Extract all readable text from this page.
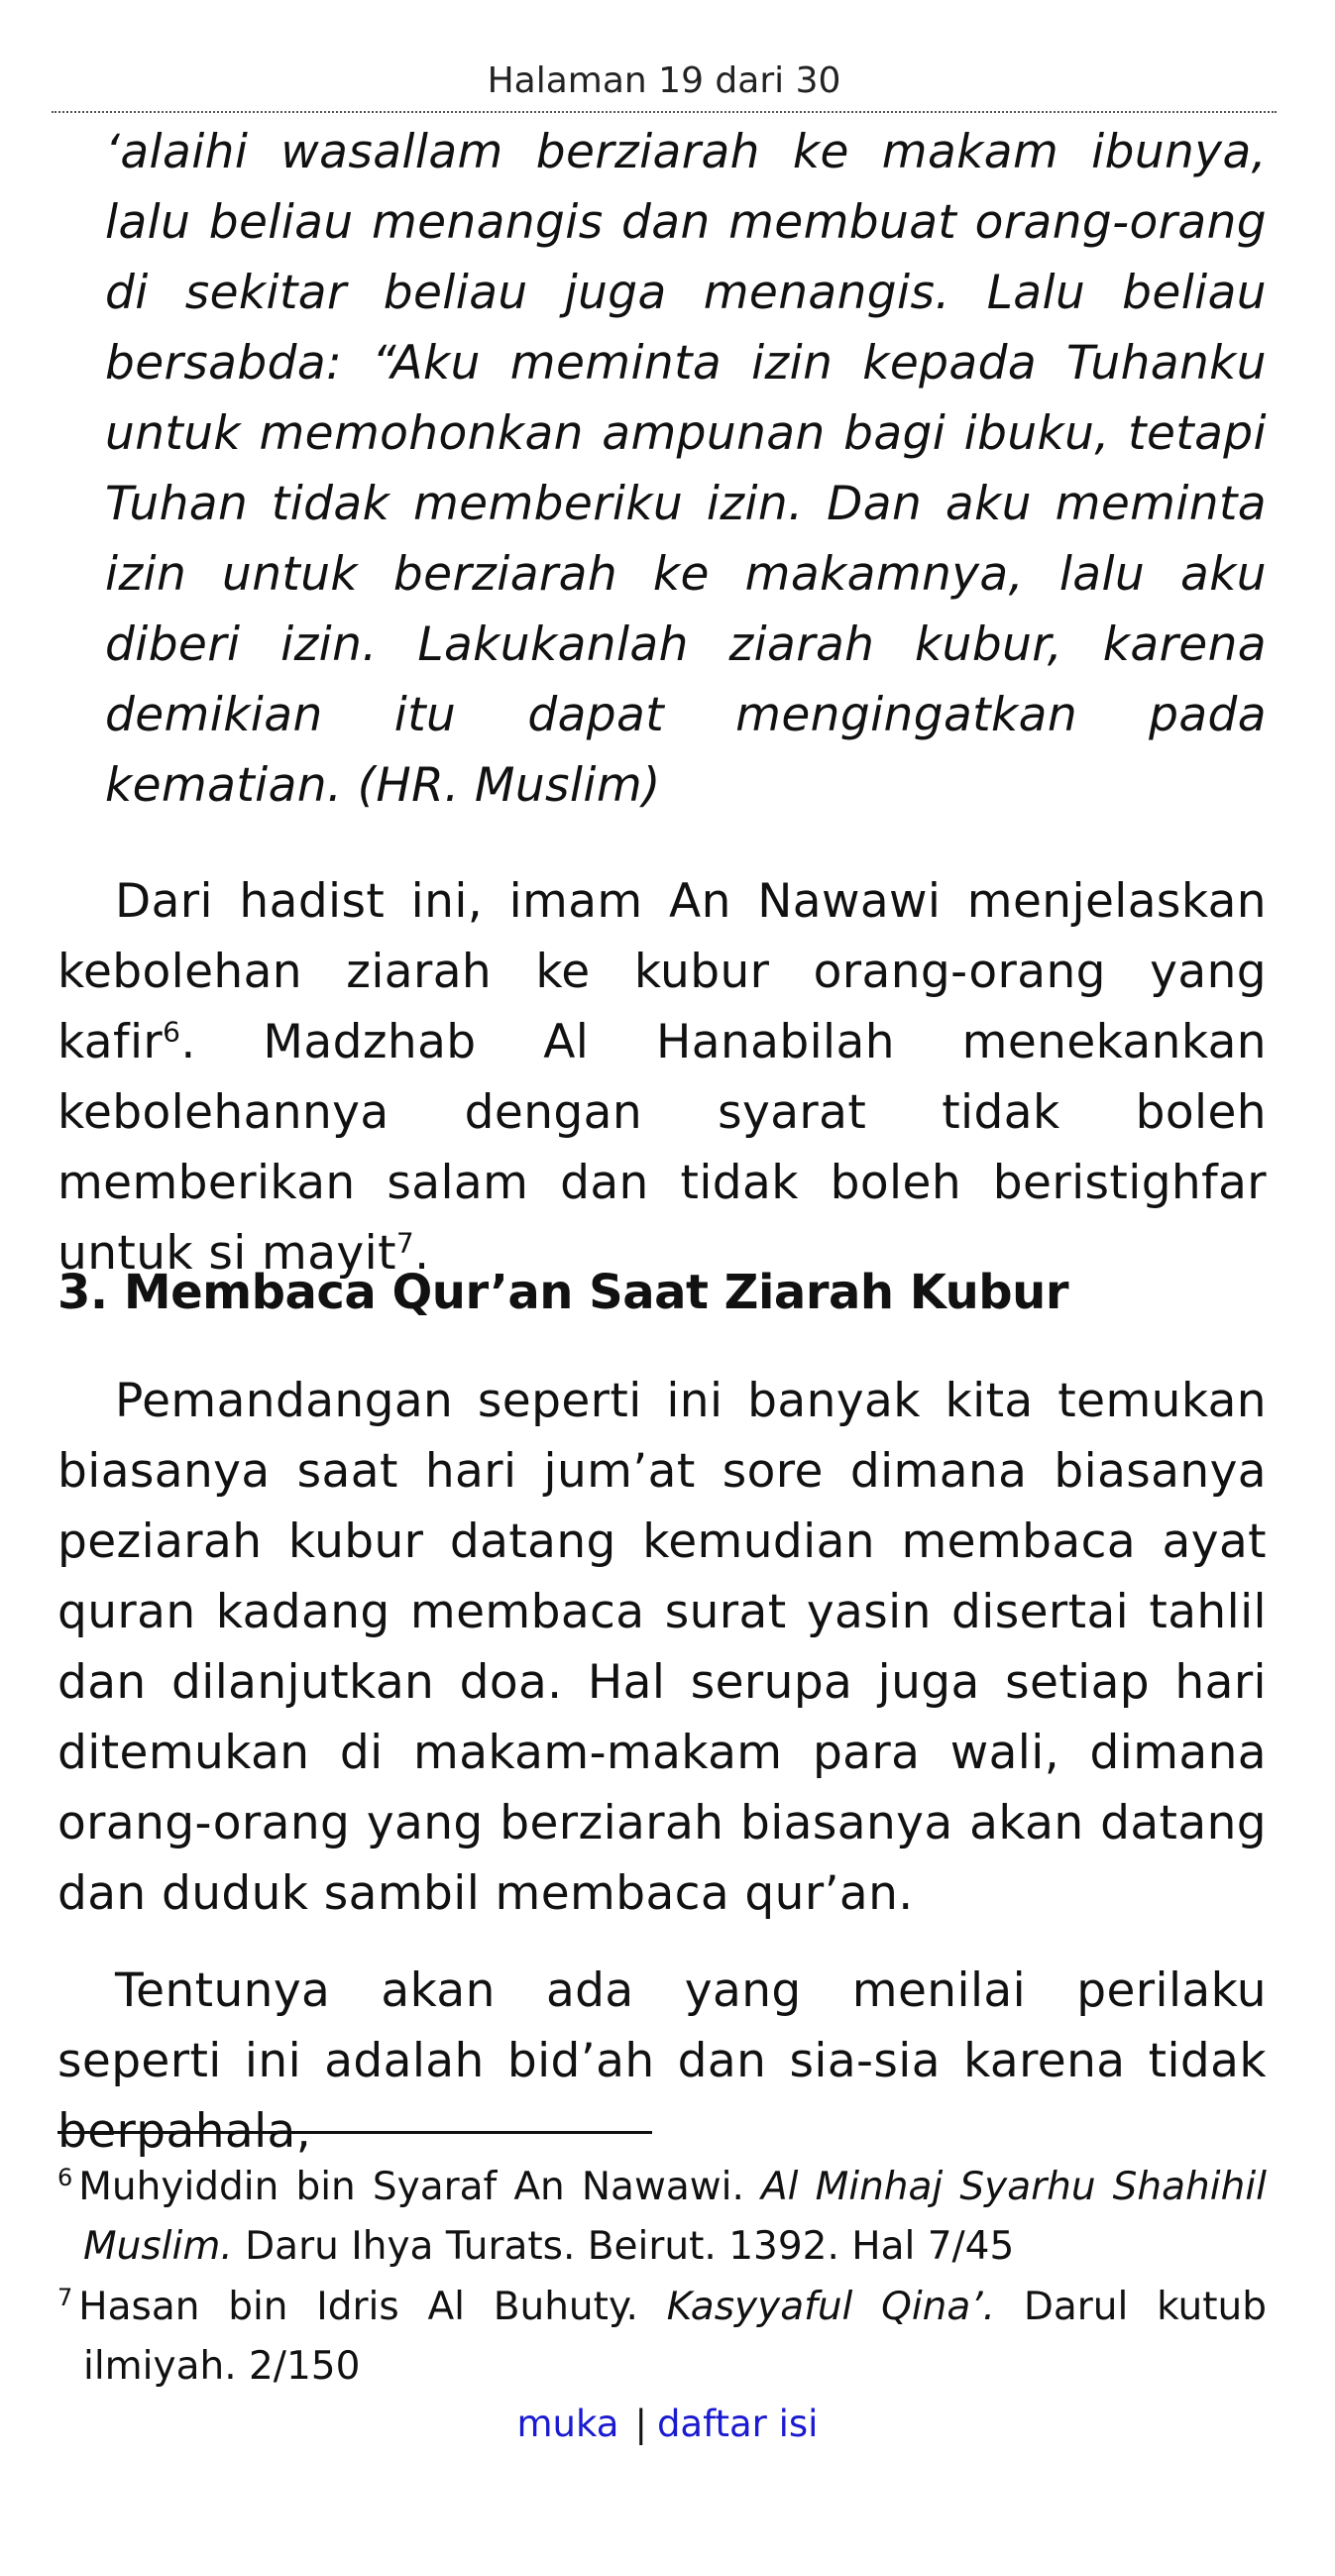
Halaman 19 dari 30
‘alaihi wasallam berziarah ke makam ibunya, lalu beliau menangis dan membuat orang-orang di sekitar beliau juga menangis. Lalu beliau bersabda: “Aku meminta izin kepada Tuhanku untuk memohonkan ampunan bagi ibuku, tetapi Tuhan tidak memberiku izin. Dan aku meminta izin untuk berziarah ke makamnya, lalu aku diberi izin. Lakukanlah ziarah kubur, karena demikian itu dapat mengingatkan pada kematian. (HR. Muslim)

Dari hadist ini, imam An Nawawi menjelaskan kebolehan ziarah ke kubur orang-orang yang kafir$^6$. Madzhab Al Hanabilah menekankan kebolehannya dengan syarat tidak boleh memberikan salam dan tidak boleh beristighfar untuk si mayit$^7$.

3. Membaca Qur’an Saat Ziarah Kubur

Pemandangan seperti ini banyak kita temukan biasanya saat hari jum’at sore dimana biasanya peziarah kubur datang kemudian membaca ayat quran kadang membaca surat yasin disertai tahlil dan dilanjutkan doa. Hal serupa juga setiap hari ditemukan di makam-makam para wali, dimana orang-orang yang berziarah biasanya akan datang dan duduk sambil membaca qur’an.

Tentunya akan ada yang menilai perilaku seperti ini adalah bid’ah dan sia-sia karena tidak berpahala,

$^6$ Muhyiddin bin Syaraf An Nawawi. Al Minhaj Syarhu Shahihil Muslim. Daru Ihya Turats. Beirut. 1392. Hal 7/45
$^7$ Hasan bin Idris Al Buhuty. Kasyyaful Qina’. Darul kutub ilmiyah. 2/150
muka | daftar isi
